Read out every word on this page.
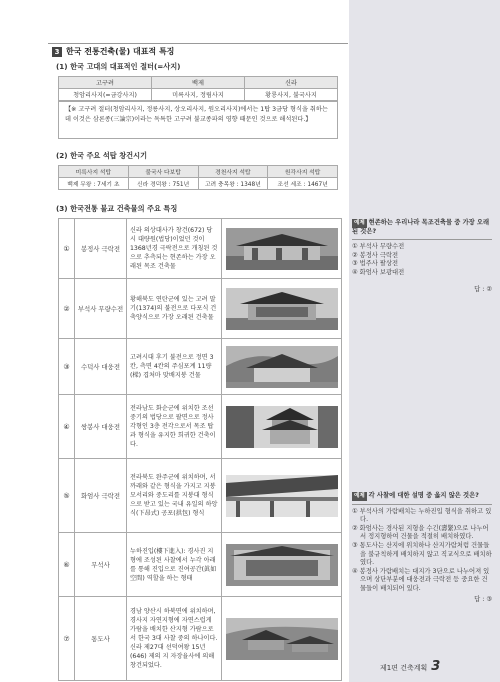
3 한국 전통건축(물) 대표적 특징
(1) 한국 고대의 대표적인 절터(=사지)
고구려	백제	신라
청암리사지(=금강사지)	미륵사지, 정림사지	황룡사지, 불국사지
【※ 고구려 절터(청암리사지, 정릉사지, 상오리사지, 원오리사지)에서는 1탑 3금당 형식을 취하는데 이것은 삼론종(三論宗)이라는 독특한 고구려 불교종파의 영향 때문인 것으로 해석된다.】
(2) 한국 주요 석탑 창건시기
미륵사지 석탑	불국사 다보탑	경천사지 석탑	원각사지 석탑
백제 무왕 : 7세기 초	신라 경덕왕 : 751년	고려 충목왕 : 1348년	조선 세조 : 1467년
(3) 한국전통 불교 건축물의 주요 특징
①	봉정사 극락전	신라 의상대사가 창건(672) 당시 대량원(법당)이었던 것이 1368년경 극락전으로 개칭된 것으로 추측되는 현존하는 가장 오래된 목조 건축물	

②	부석사 무량수전	황해북도 연탄군에 있는 고려 말기(1374)의 불전으로 다포식 건축양식으로 가장 오래된 건축물	

③	수덕사 대웅전	고려시대 후기 불전으로 정면 3칸, 측면 4칸의 주심포계 11량(樑) 겹처마 맞배지붕 건물	

④	쌍봉사 대웅전	전라남도 화순군에 위치한 조선중기의 법당으로 팔면으로 정사각형인 3층 전각으로서 목조 탑과 형식을 유지한 희귀한 건축이다.	

⑤	화엄사 극락전	전라북도 완주군에 위치하며, 서까래와 같은 형식을 가지고 지붕모서리와 중도리를 지붕대 형식으로 받고 있는 국내 유일의 하앙식(下昂式) 공포(拱包) 형식	

⑥	무석사	누하진입(樓下進入): 경사진 지형에 조성된 사찰에서 누각 아래를 통해 진입으로 진여공간(眞如空間) 역할을 하는 형태	

⑦	통도사	경남 양산시 하북면에 위치하며, 경사지 자연지형에 자연스럽게 가람을 배치한 산지형 가람으로서 한국 3대 사찰 중의 하나이다. 신라 제27대 선덕여왕 15년(646) 제의 지 자장율사에 의해 창건되었다.	
예제 현존하는 우리나라 목조건축물 중 가장 오래된 것은?
① 부석사 무량수전
② 봉정사 극락전
③ 법주사 팔상전
④ 화엄사 보광대전
답 : ②
예제 각 사찰에 대한 설명 중 옳지 않은 것은?
① 부석사의 가람배치는 누하진입 형식을 취하고 있다.
② 화엄사는 경사된 지형을 수긴(壽緊)으로 나누어서 정지형하여 건물을 적절히 배치하였다.
③ 통도사는 산지에 위치하나 산지가람처럼 건물들을 불규칙하게 배치하지 않고 직교식으로 배치하였다.
④ 봉정사 가람배치는 대지가 3단으로 나누어져 있으며 상단부분에 대웅전과 극락전 등 중요한 건물들이 배치되어 있다.
답 : ③
제1편 건축계획 3
